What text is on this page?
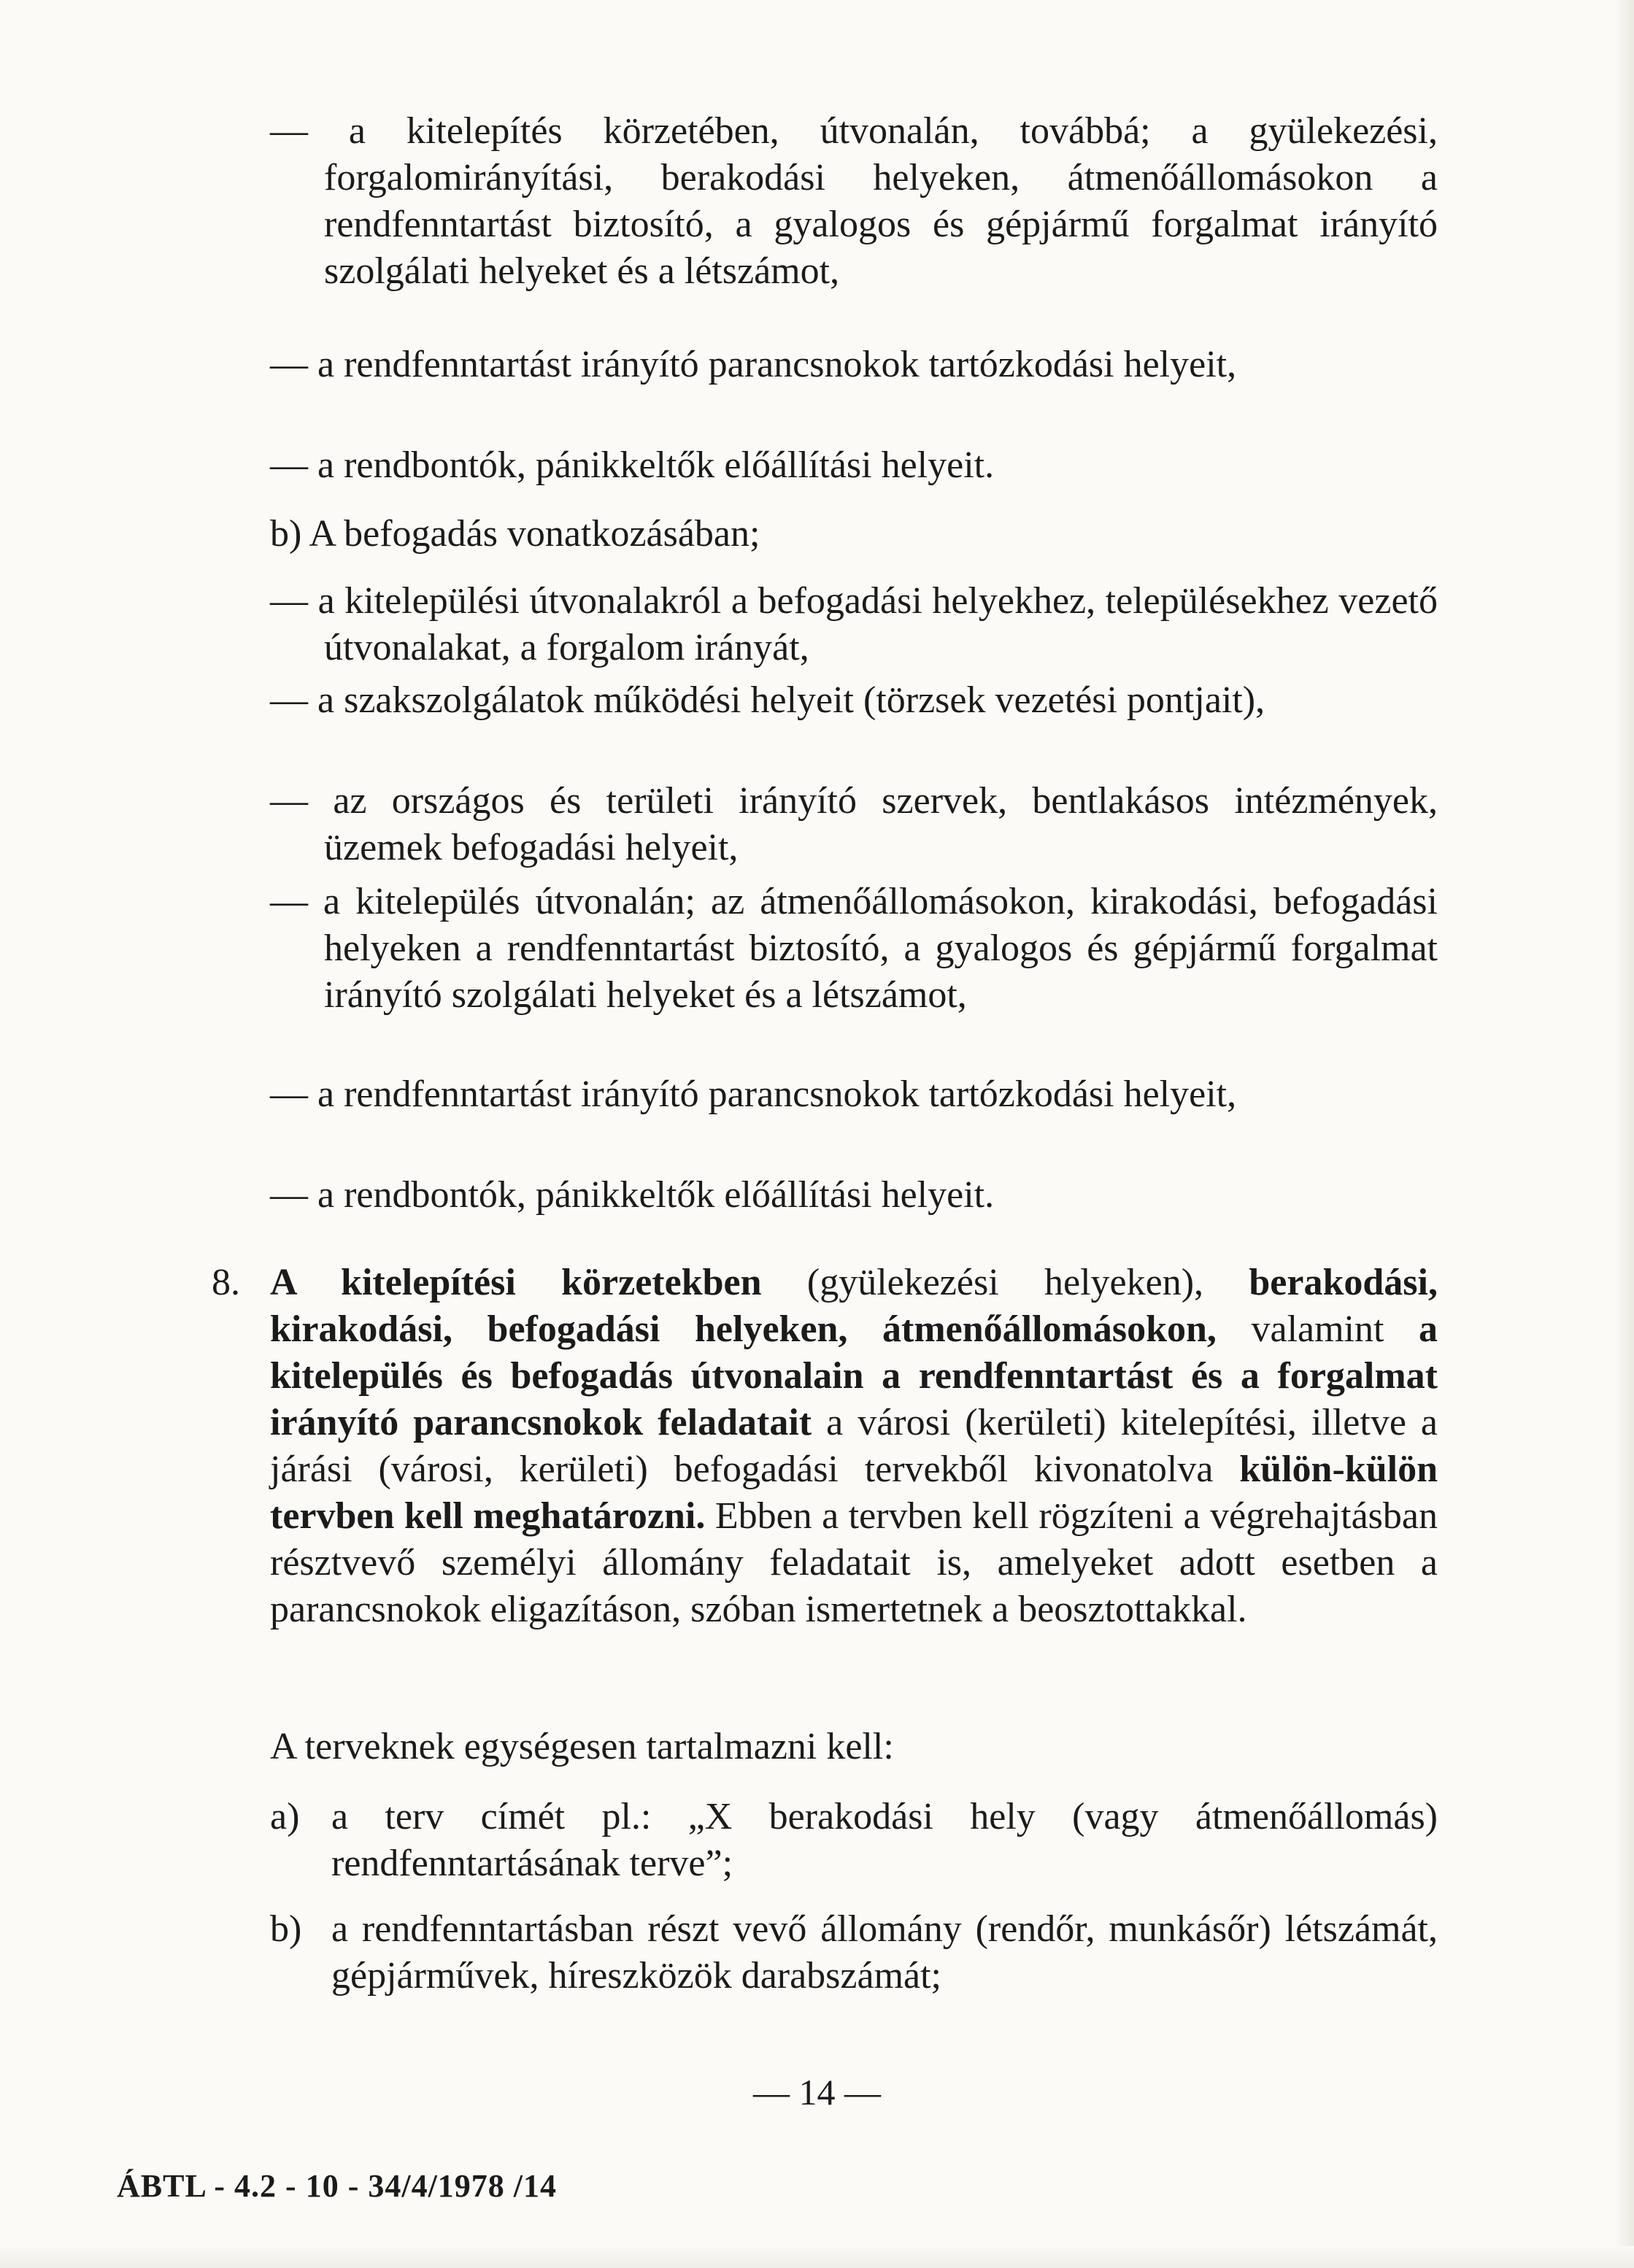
— a kitelepítés körzetében, útvonalán, továbbá; a gyülekezési, forgalomirányítási, berakodási helyeken, átmenőállomásokon a rendfenntartást biztosító, a gyalogos és gépjármű forgalmat irányító szolgálati helyeket és a létszámot,

— a rendfenntartást irányító parancsnokok tartózkodási helyeit,

— a rendbontók, pánikkeltők előállítási helyeit.

b) A befogadás vonatkozásában;

— a kitelepülési útvonalakról a befogadási helyekhez, településekhez vezető útvonalakat, a forgalom irányát,

— a szakszolgálatok működési helyeit (törzsek vezetési pontjait),

— az országos és területi irányító szervek, bentlakásos intézmények, üzemek befogadási helyeit,

— a kitelepülés útvonalán; az átmenőállomásokon, kirakodási, befogadási helyeken a rendfenntartást biztosító, a gyalogos és gépjármű forgalmat irányító szolgálati helyeket és a létszámot,

— a rendfenntartást irányító parancsnokok tartózkodási helyeit,

— a rendbontók, pánikkeltők előállítási helyeit.

8. A kitelepítési körzetekben (gyülekezési helyeken), berakodási, kirakodási, befogadási helyeken, átmenőállomásokon, valamint a kitelepülés és befogadás útvonalain a rendfenntartást és a forgalmat irányító parancsnokok feladatait a városi (kerületi) kitelepítési, illetve a járási (városi, kerületi) befogadási tervekből kivonatolva külön-külön tervben kell meghatározni. Ebben a tervben kell rögzíteni a végrehajtásban résztvevő személyi állomány feladatait is, amelyeket adott esetben a parancsnokok eligazításon, szóban ismertetnek a beosztottakkal.

A terveknek egységesen tartalmazni kell:

a) a terv címét pl.: „X berakodási hely (vagy átmenőállomás) rendfenntartásának terve”;
b) a rendfenntartásban részt vevő állomány (rendőr, munkásőr) létszámát, gépjárművek, híreszközök darabszámát;
— 14 —
ÁBTL - 4.2 - 10 - 34/4/1978 /14
